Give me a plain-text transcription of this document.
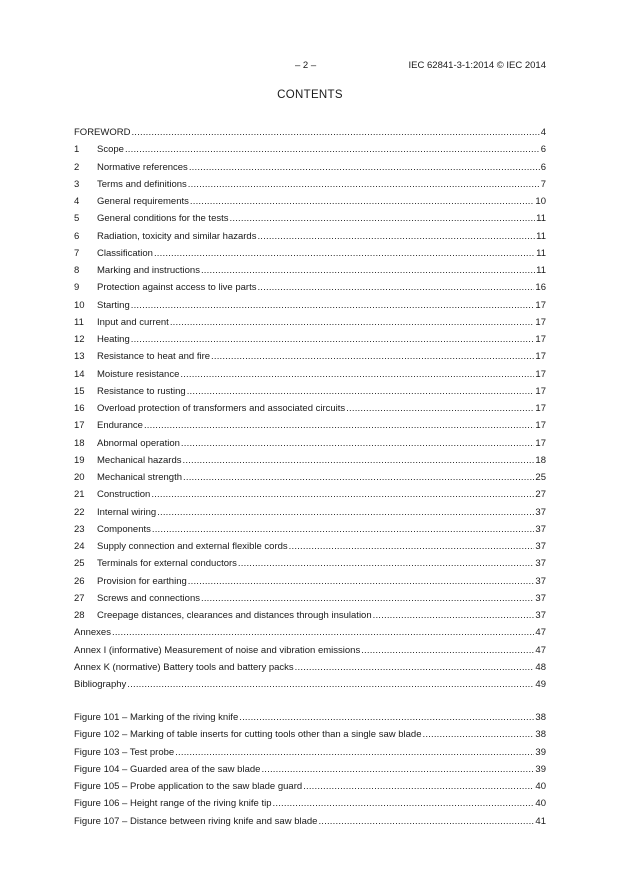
– 2 –	IEC 62841-3-1:2014 © IEC 2014
CONTENTS
FOREWORD .....	4
1	Scope .....	6
2	Normative references .....	6
3	Terms and definitions .....	7
4	General requirements .....	10
5	General conditions for the tests .....	11
6	Radiation, toxicity and similar hazards .....	11
7	Classification .....	11
8	Marking and instructions .....	11
9	Protection against access to live parts .....	16
10	Starting .....	17
11	Input and current .....	17
12	Heating .....	17
13	Resistance to heat and fire .....	17
14	Moisture resistance .....	17
15	Resistance to rusting .....	17
16	Overload protection of transformers and associated circuits .....	17
17	Endurance .....	17
18	Abnormal operation .....	17
19	Mechanical hazards .....	18
20	Mechanical strength .....	25
21	Construction .....	27
22	Internal wiring .....	37
23	Components .....	37
24	Supply connection and external flexible cords .....	37
25	Terminals for external conductors .....	37
26	Provision for earthing .....	37
27	Screws and connections .....	37
28	Creepage distances, clearances and distances through insulation .....	37
Annexes .....	47
Annex I (informative) Measurement of noise and vibration emissions .....	47
Annex K (normative) Battery tools and battery packs .....	48
Bibliography .....	49
Figure 101 – Marking of the riving knife .....	38
Figure 102 – Marking of table inserts for cutting tools other than a single saw blade .....	38
Figure 103 – Test probe .....	39
Figure 104 – Guarded area of the saw blade .....	39
Figure 105 – Probe application to the saw blade guard .....	40
Figure 106 – Height range of the riving knife tip .....	40
Figure 107 – Distance between riving knife and saw blade .....	41
